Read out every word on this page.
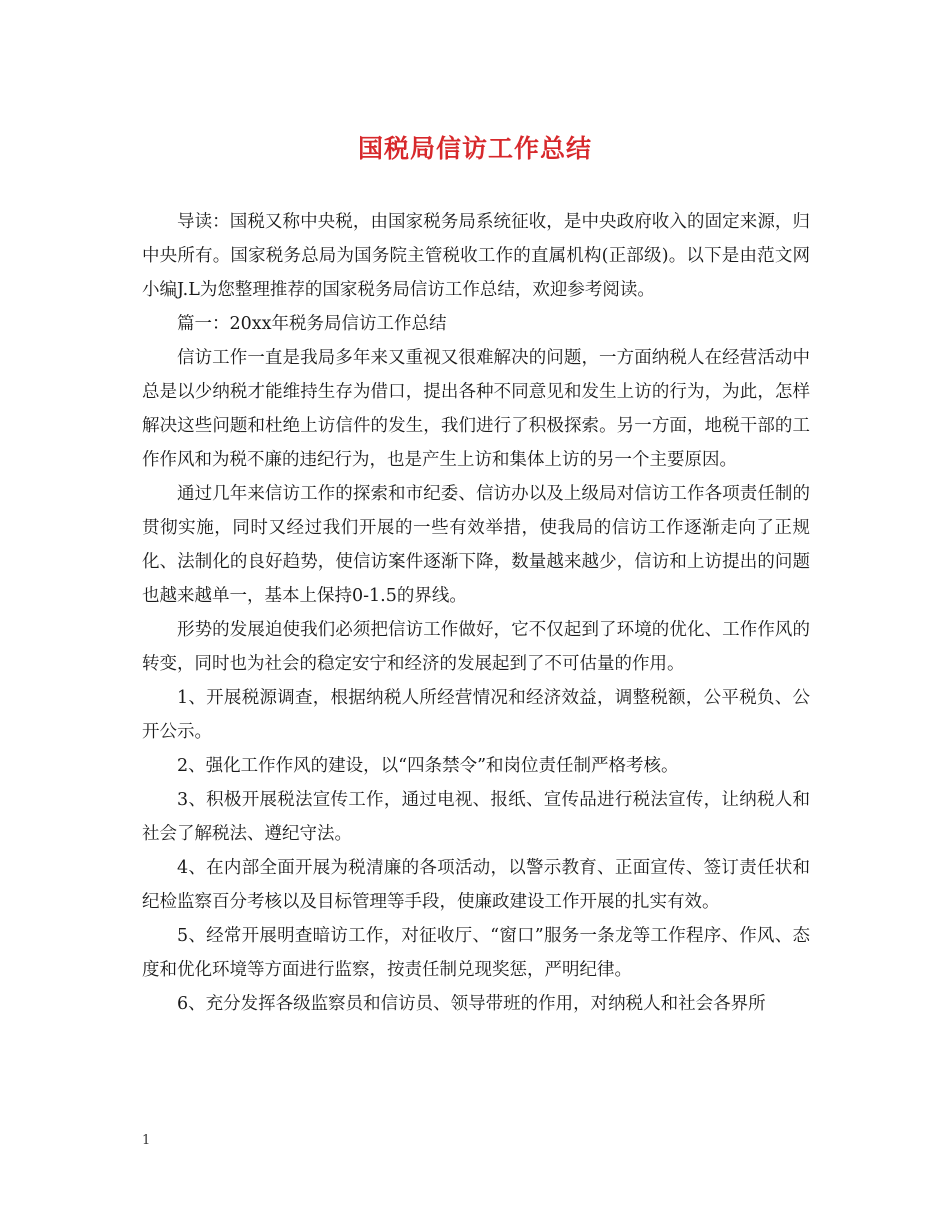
国税局信访工作总结

导读：国税又称中央税，由国家税务局系统征收，是中央政府收入的固定来源，归中央所有。国家税务总局为国务院主管税收工作的直属机构(正部级)。以下是由范文网小编J.L为您整理推荐的国家税务局信访工作总结，欢迎参考阅读。

篇一：20xx年税务局信访工作总结

信访工作一直是我局多年来又重视又很难解决的问题，一方面纳税人在经营活动中总是以少纳税才能维持生存为借口，提出各种不同意见和发生上访的行为，为此，怎样解决这些问题和杜绝上访信件的发生，我们进行了积极探索。另一方面，地税干部的工作作风和为税不廉的违纪行为，也是产生上访和集体上访的另一个主要原因。

通过几年来信访工作的探索和市纪委、信访办以及上级局对信访工作各项责任制的贯彻实施，同时又经过我们开展的一些有效举措，使我局的信访工作逐渐走向了正规化、法制化的良好趋势，使信访案件逐渐下降，数量越来越少，信访和上访提出的问题也越来越单一，基本上保持0-1.5的界线。

形势的发展迫使我们必须把信访工作做好，它不仅起到了环境的优化、工作作风的转变，同时也为社会的稳定安宁和经济的发展起到了不可估量的作用。

1、开展税源调查，根据纳税人所经营情况和经济效益，调整税额，公平税负、公开公示。

2、强化工作作风的建设，以“四条禁令”和岗位责任制严格考核。

3、积极开展税法宣传工作，通过电视、报纸、宣传品进行税法宣传，让纳税人和社会了解税法、遵纪守法。

4、在内部全面开展为税清廉的各项活动，以警示教育、正面宣传、签订责任状和纪检监察百分考核以及目标管理等手段，使廉政建设工作开展的扎实有效。

5、经常开展明查暗访工作，对征收厅、“窗口”服务一条龙等工作程序、作风、态度和优化环境等方面进行监察，按责任制兑现奖惩，严明纪律。

6、充分发挥各级监察员和信访员、领导带班的作用，对纳税人和社会各界所

1
